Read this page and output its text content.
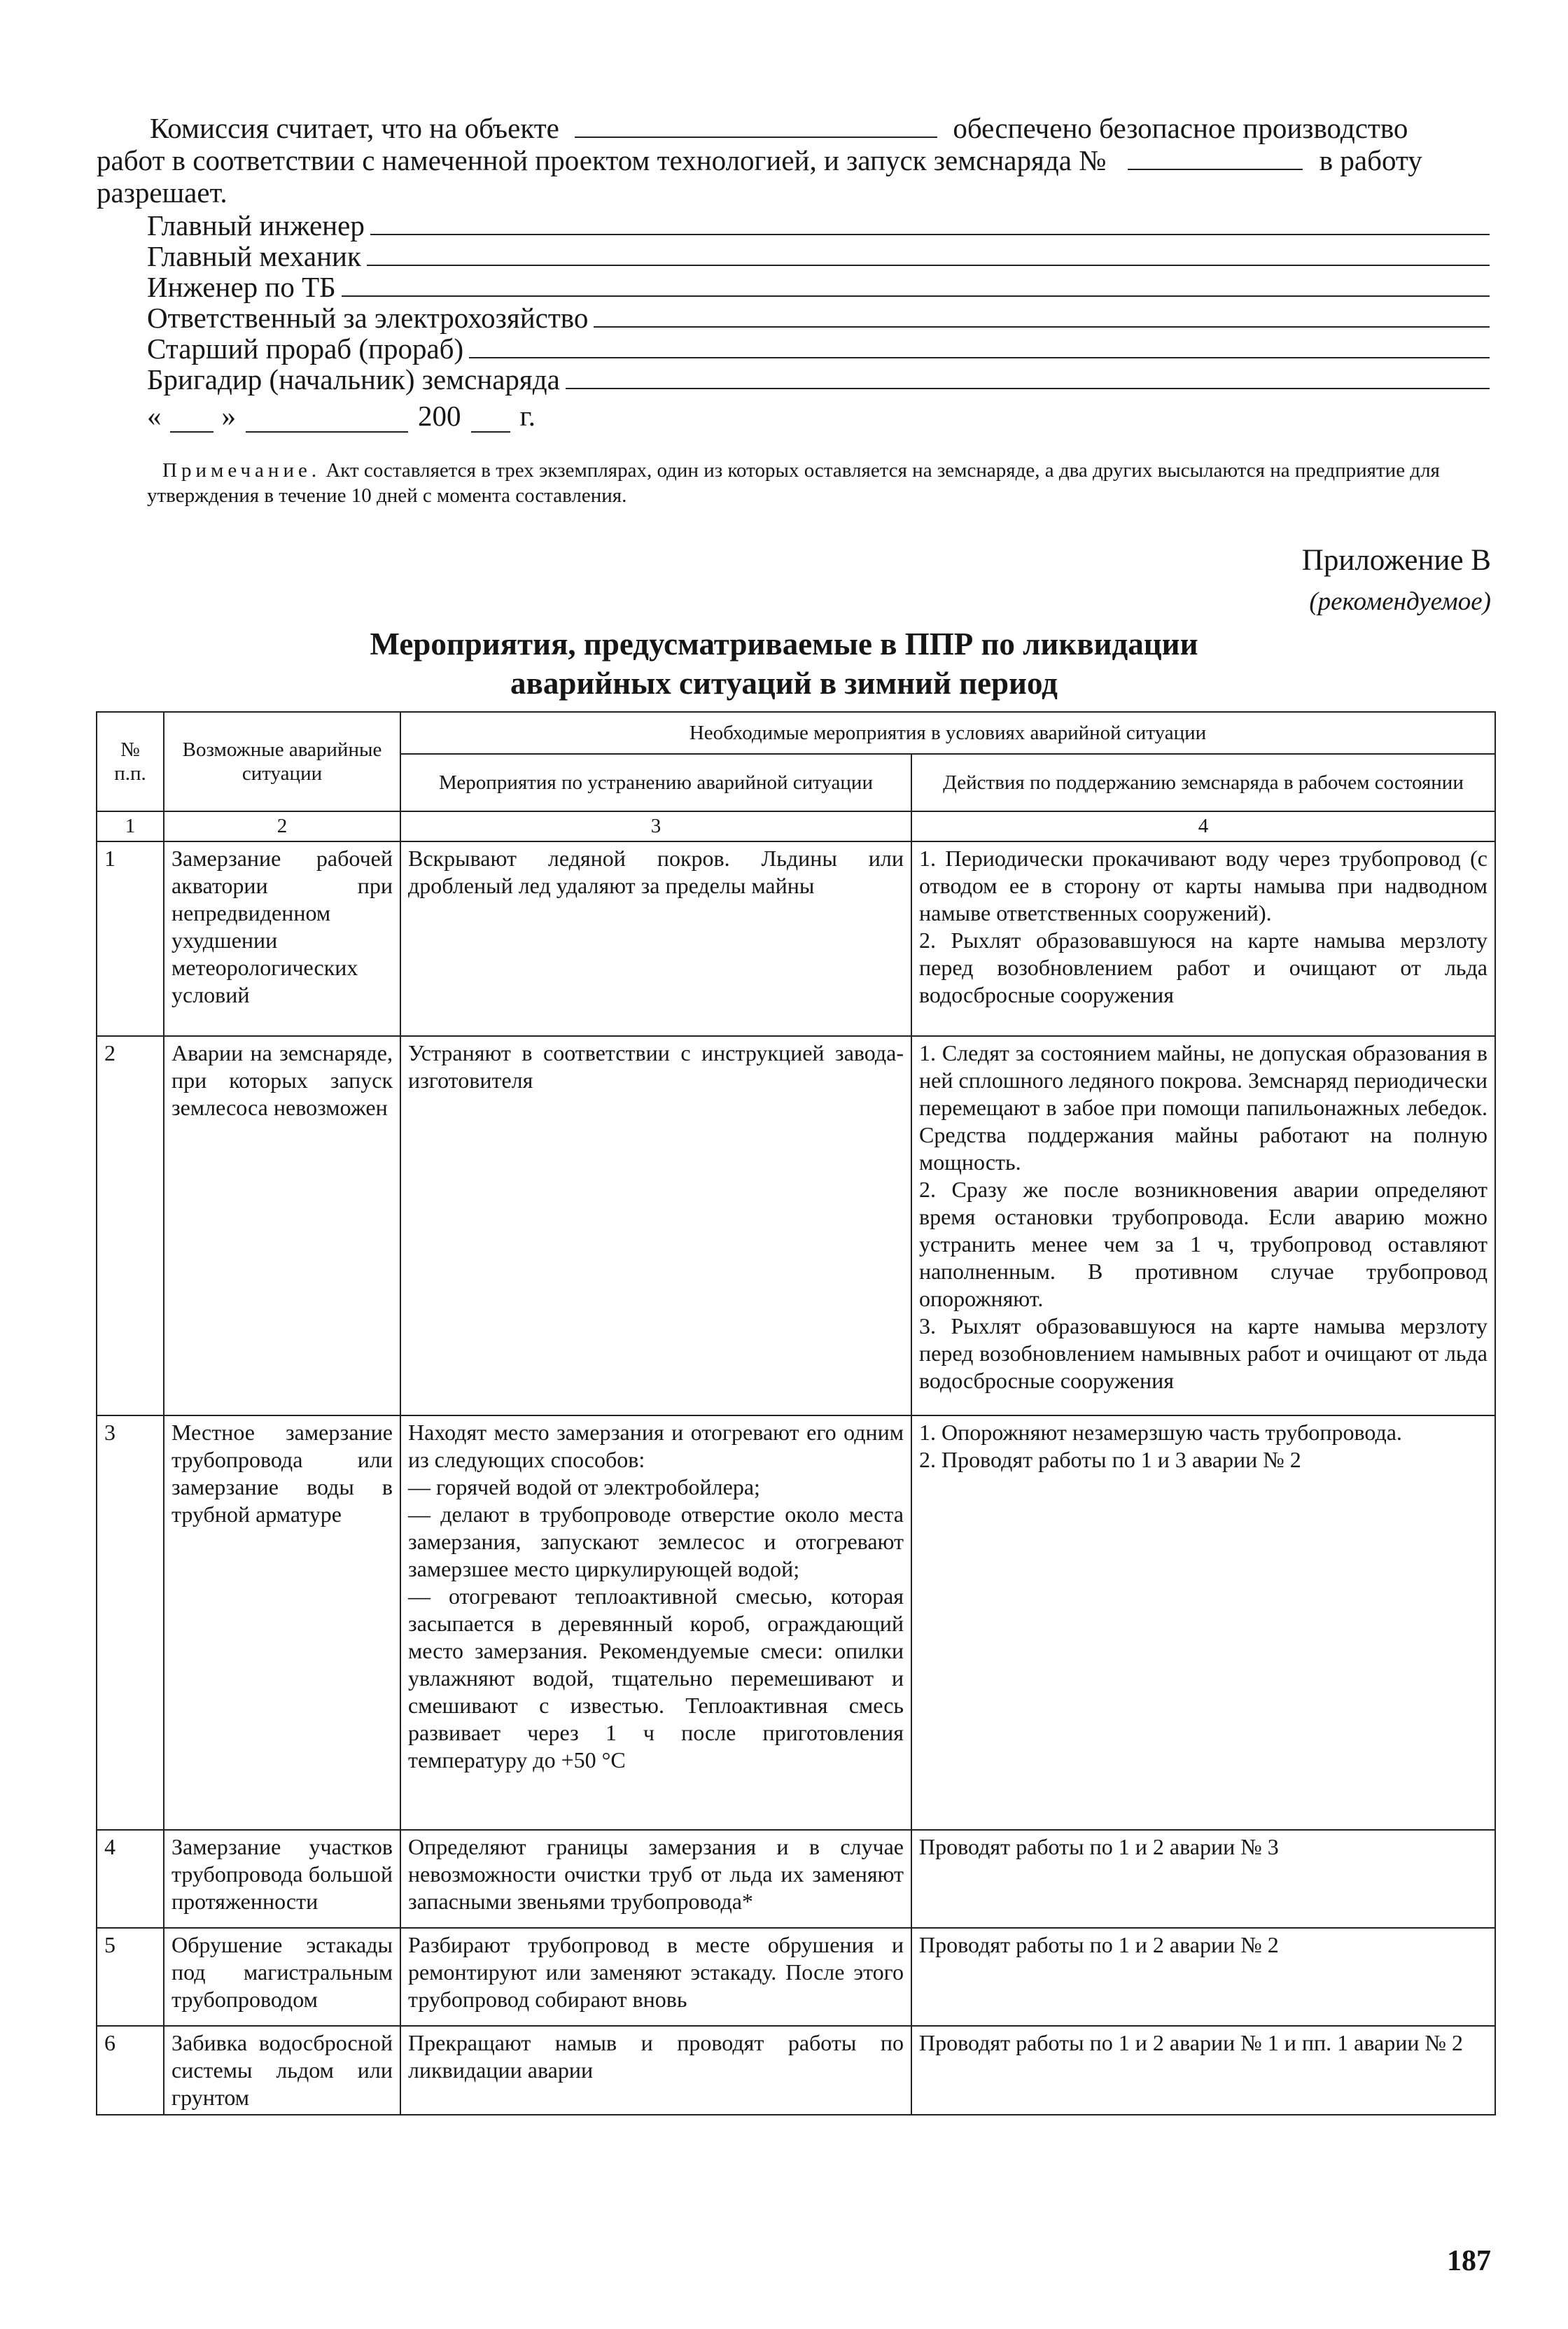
Комиссия считает, что на объекте	обеспечено безопасное производство
работ в соответствии с намеченной проектом технологией, и запуск земснаряда №	в работу
разрешает.
Главный инженер
Главный механик
Инженер по ТБ
Ответственный за электрохозяйство
Старший прораб (прораб)
Бригадир (начальник) земснаряда
« »	200 г.
Примечание. Акт составляется в трех экземплярах, один из которых оставляется на земснаряде, а два других высылаются на предприятие для утверждения в течение 10 дней с момента составления.
Приложение В
(рекомендуемое)
Мероприятия, предусматриваемые в ППР по ликвидации
аварийных ситуаций в зимний период
№ п.п.	Возможные аварийные ситуации	Необходимые мероприятия в условиях аварийной ситуации	
		Мероприятия по устранению аварийной ситуации	Действия по поддержанию земснаряда в рабочем состоянии
1	2	3	4

1	Замерзание рабочей акватории при непредвиденном ухудшении метеорологических условий	Вскрывают ледяной покров. Льдины или дробленый лед удаляют за пределы майны	1. Периодически прокачивают воду через трубопровод (с отводом ее в сторону от карты намыва при надводном намыве ответственных сооружений).
2. Рыхлят образовавшуюся на карте намыва мерзлоту перед возобновлением работ и очищают от льда водосбросные сооружения

2	Аварии на земснаряде, при которых запуск землесоса невозможен	Устраняют в соответствии с инструкцией завода-изготовителя	1. Следят за состоянием майны, не допуская образования в ней сплошного ледяного покрова. Земснаряд периодически перемещают в забое при помощи папильонажных лебедок. Средства поддержания майны работают на полную мощность.
2. Сразу же после возникновения аварии определяют время остановки трубопровода. Если аварию можно устранить менее чем за 1 ч, трубопровод оставляют наполненным. В противном случае трубопровод опорожняют.
3. Рыхлят образовавшуюся на карте намыва мерзлоту перед возобновлением намывных работ и очищают от льда водосбросные сооружения

3	Местное замерзание трубопровода или замерзание воды в трубной арматуре	Находят место замерзания и отогревают его одним из следующих способов:
— горячей водой от электробойлера;
— делают в трубопроводе отверстие около места замерзания, запускают землесос и отогревают замерзшее место циркулирующей водой;
— отогревают теплоактивной смесью, которая засыпается в деревянный короб, ограждающий место замерзания. Рекомендуемые смеси: опилки увлажняют водой, тщательно перемешивают и смешивают с известью. Теплоактивная смесь развивает через 1 ч после приготовления температуру до +50 °С	1. Опорожняют незамерзшую часть трубопровода.
2. Проводят работы по 1 и 3 аварии № 2

4	Замерзание участков трубопровода большой протяженности	Определяют границы замерзания и в случае невозможности очистки труб от льда их заменяют запасными звеньями трубопровода*	Проводят работы по 1 и 2 аварии № 3

5	Обрушение эстакады под магистральным трубопроводом	Разбирают трубопровод в месте обрушения и ремонтируют или заменяют эстакаду. После этого трубопровод собирают вновь	Проводят работы по 1 и 2 аварии № 2

6	Забивка водосбросной системы льдом или грунтом	Прекращают намыв и проводят работы по ликвидации аварии	Проводят работы по 1 и 2 аварии № 1 и пп. 1 аварии № 2
187
